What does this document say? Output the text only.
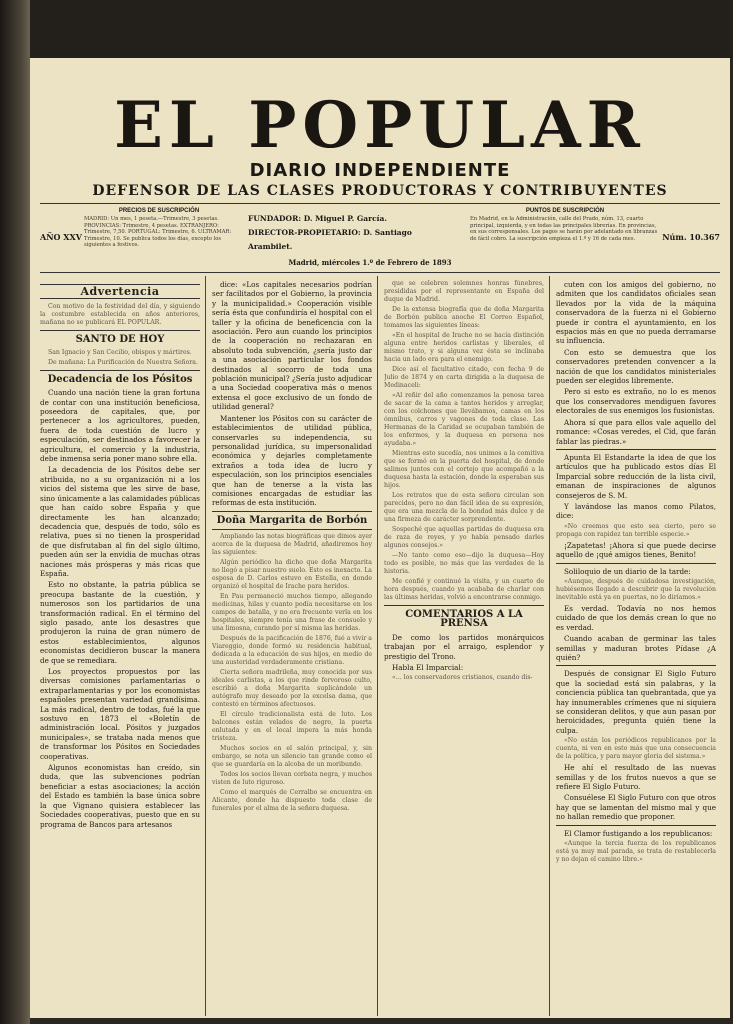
EL POPULAR
DIARIO INDEPENDIENTE
DEFENSOR DE LAS CLASES PRODUCTORAS Y CONTRIBUYENTES
AÑO XXV
PRECIOS DE SUSCRIPCIÓN

MADRID: Un mes, 1 peseta.—Trimestre, 3 pesetas. PROVINCIAS: Trimestre, 4 pesetas. EXTRANJERO: Trimestre, 7,50. PORTUGAL: Trimestre, 6. ULTRAMAR: Trimestre, 10. Se publica todos los días, excepto los siguientes a festivos.

FUNDADOR: D. Miguel P. García.
DIRECTOR-PROPIETARIO: D. Santiago Arambilet.
Madrid, miércoles 1.º de Febrero de 1893
PUNTOS DE SUSCRIPCIÓN

En Madrid, en la Administración, calle del Prado, núm. 13, cuarto principal, izquierda, y en todas las principales librerías. En provincias, en sus corresponsales. Los pagos se harán por adelantado en libranzas de fácil cobro. La suscripción empieza el 1.º y 16 de cada mes.	Núm. 10.367
Advertencia

Con motivo de la festividad del día, y siguiendo la costumbre establecida en años anteriores, mañana no se publicará EL POPULAR.

SANTO DE HOY

San Ignacio y San Cecilio, obispos y mártires.

De mañana: La Purificación de Nuestra Señora.

Decadencia de los Pósitos

Cuando una nación tiene la gran fortuna de contar con una institución beneficiosa, poseedora de capitales, que, por pertenecer a los agricultores, pueden, fuera de toda cuestión de lucro y especulación, ser destinados a favorecer la agricultura, el comercio y la industria, debe inmensa seria poner mano sobre ella.

La decadencia de los Pósitos debe ser atribuida, no a su organización ni a los vicios del sistema que les sirve de base, sino únicamente a las calamidades públicas que han caído sobre España y que directamente les han alcanzado; decadencia que, después de todo, sólo es relativa, pues si no tienen la prosperidad de que disfrutaban al fin del siglo último, pueden aún ser la envidia de muchas otras naciones más prósperas y más ricas que España.

Esto no obstante, la patria pública se preocupa bastante de la cuestión, y numerosos son los partidarios de una transformación radical. En el término del siglo pasado, ante los desastres que produjeron la ruina de gran número de estos establecimientos, algunos economistas decidieron buscar la manera de que se remediara.

Los proyectos propuestos por las diversas comisiones parlamentarias o extraparlamentarias y por los economistas españoles presentan variedad grandísima. La más radical, dentro de todas, fué la que sostuvo en 1873 el «Boletín de administración local. Pósitos y juzgados municipales», se trataba nada menos que de transformar los Pósitos en Sociedades cooperativas.

Algunos economistas han creído, sin duda, que las subvenciones podrían beneficiar a estas asociaciones; la acción del Estado es también la base única sobre la que Vignano quisiera establecer las Sociedades cooperativas, puesto que en su programa de Bancos para artesanos

dice: «Los capitales necesarios podrían ser facilitados por el Gobierno, la provincia y la municipalidad.» Cooperación visible sería ésta que confundiría el hospital con el taller y la oficina de beneficencia con la asociación. Pero aun cuando los principios de la cooperación no rechazaran en absoluto toda subvención, ¿sería justo dar a una asociación particular los fondos destinados al socorro de toda una población municipal? ¿Sería justo adjudicar a una Sociedad cooperativa más o menos extensa el goce exclusivo de un fondo de utilidad general?

Mantener los Pósitos con su carácter de establecimientos de utilidad pública, conservarles su independencia, su personalidad jurídica, su impersonalidad económica y dejarles completamente extraños a toda idea de lucro y especulación, son los principios esenciales que han de tenerse a la vista las comisiones encargadas de estudiar las reformas de esta institución.

Doña Margarita de Borbón

Ampliando las notas biográficas que dimos ayer acerca de la duquesa de Madrid, añadiremos hoy las siguientes:

Algún periódico ha dicho que doña Margarita no llegó a pisar nuestro suelo. Esto es inexacto. La esposa de D. Carlos estuvo en Estella, en donde organizó el hospital de Irache para heridos.

En Pau permaneció muchos tiempo, allegando medicinas, hilas y cuanto podía necesitarse en los campos de batalla, y no era frecuente verla en los hospitales, siempre tenía una frase de consuelo y una limosna, curando por sí misma las heridas.

Después de la pacificación de 1876, fué a vivir a Viareggio, donde formó su residencia habitual, dedicada a la educación de sus hijos, en medio de una austeridad verdaderamente cristiana.

Cierta señora madrileña, muy conocida por sus ideales carlistas, a los que rinde fervoroso culto, escribió a doña Margarita suplicándole un autógrafo muy deseado por la excelsa dama, que contestó en términos afectuosos.

El círculo tradicionalista está de luto. Los balcones están velados de negro, la puerta enlutada y en el local impera la más honda tristeza.

Muchos socios en el salón principal, y, sin embargo, se nota un silencio tan grande como el que se guardaría en la alcoba de un moribundo.

Todos los socios llevan corbata negra, y muchos visten de luto riguroso.

Como el marqués de Cerralbo se encuentra en Alicante, donde ha dispuesto toda clase de funerales por el alma de la señora duquesa.

que se celebren solemnes honras fúnebres, presididas por el representante en España del duque de Madrid.

De la extensa biografía que de doña Margarita de Borbón publica anoche El Correo Español, tomamos las siguientes líneas:

«En el hospital de Irache no se hacía distinción alguna entre heridos carlistas y liberales, el mismo trato, y si alguna vez ésta se inclinaba hacia un lado era para el enemigo.

Dice así el facultativo citado, con fecha 9 de Julio de 1874 y en carta dirigida a la duquesa de Medinaceli:

«Al reñir del año comenzamos la penosa tarea de sacar de la cama a tantos heridos y arreglar, con los colchones que llevábamos, camas en los ómnibus, carros y vagones de toda clase. Las Hermanas de la Caridad se ocupaban también de los enfermos, y la duquesa en persona nos ayudaba.»

Mientras esto sucedía, nos unimos a la comitiva que se formó en la puerta del hospital, de donde salimos juntos con el cortejo que acompañó a la duquesa hasta la estación, donde la esperaban sus hijos.

Los retratos que de esta señora circulan son parecidos, pero no dan fácil idea de su expresión, que era una mezcla de la bondad más dulce y de una firmeza de carácter sorprendente.

Sospeché que aquellas partidas de duquesa era de raza de reyes, y yo había pensado darles algunos consejos.»

—No tanto como eso—dijo la duquesa—Hoy todo es posible, no más que las verdades de la historia.

Me confié y continué la visita, y un cuarto de hora después, cuando ya acababa de charlar con las últimas heridas, volvió a encontrarse conmigo.

COMENTARIOS A LA PRENSA

De como los partidos monárquicos trabajan por el arraigo, esplendor y prestigio del Trono.

Habla El Imparcial:

«... los conservadores cristianos, cuando dis-

cuten con los amigos del gobierno, no admiten que los candidatos oficiales sean llevados por la vida de la máquina conservadora de la fuerza ni el Gobierno puede ir contra el ayuntamiento, en los espacios más en que no pueda derramarse su influencia.

Con esto se demuestra que los conservadores pretenden convencer a la nación de que los candidatos ministeriales pueden ser elegidos libremente.

Pero si esto es extraño, no lo es menos que los conservadores mendiguen favores electorales de sus enemigos los fusionistas.

Ahora sí que para ellos vale aquello del romance: «Cosas veredes, el Cid, que farán fablar las piedras.»

Apunta El Estandarte la idea de que los artículos que ha publicado estos días El Imparcial sobre reducción de la lista civil, emanan de inspiraciones de algunos consejeros de S. M.

Y lavándose las manos como Pilatos, dice:

«No creemos que esto sea cierto, pero se propaga con rapidez tan terrible especie.»

¡Zapatetas! ¡Ahora sí que puede decirse aquello de ¡qué amigos tienes, Benito!

Soliloquio de un diario de la tarde:

«Aunque, después de cuidadosa investigación, hubiésemos llegado a descubrir que la revolución inevitable está ya en puertas, no lo diríamos.»

Es verdad. Todavía no nos hemos cuidado de que los demás crean lo que no es verdad.

Cuando acaban de germinar las tales semillas y maduran brotes Pídase ¿A quién?

Después de consignar El Siglo Futuro que la sociedad está sin palabras, y la conciencia pública tan quebrantada, que ya hay innumerables crímenes que ni siquiera se consideran delitos, y que aun pasan por heroicidades, pregunta quién tiene la culpa.

«No están los periódicos republicanos por la cuenta, ni ven en esto más que una consecuencia de la política, y para mayor gloria del sistema.»

He ahí el resultado de las nuevas semillas y de los frutos nuevos a que se refiere El Siglo Futuro.

Consuélese El Siglo Futuro con que otros hay que se lamentan del mismo mal y que no hallan remedio que proponer.

El Clamor fustigando a los republicanos:

«Aunque la tercia fuerza de los republicanos está ya muy mal parada, se trata de restablecerla y no dejan el camino libre.»
